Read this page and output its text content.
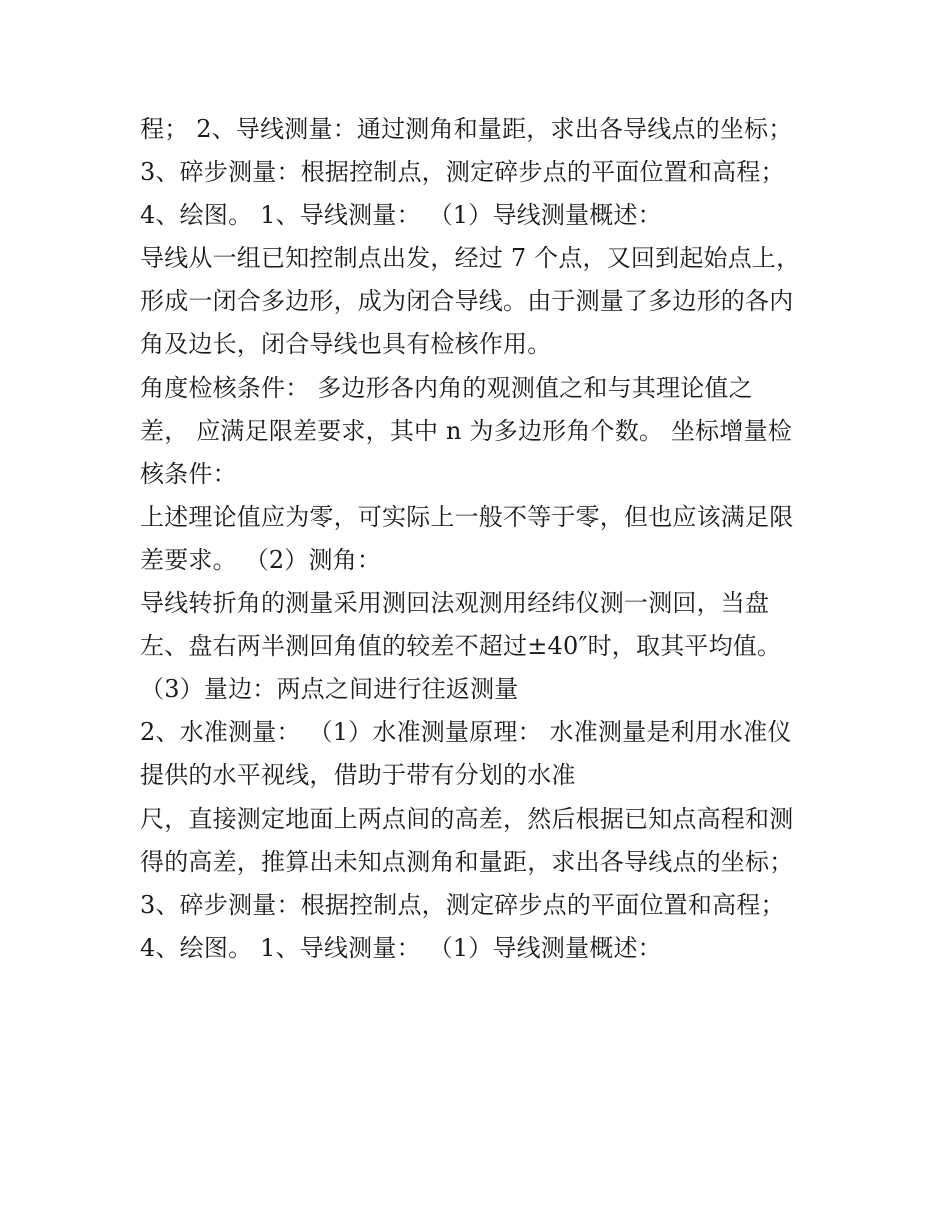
程； 2、导线测量：通过测角和量距，求出各导线点的坐标；
3、碎步测量：根据控制点，测定碎步点的平面位置和高程；
4、绘图。 1、导线测量： （1）导线测量概述：
导线从一组已知控制点出发，经过 7 个点，又回到起始点上，
形成一闭合多边形，成为闭合导线。由于测量了多边形的各内
角及边长，闭合导线也具有检核作用。
角度检核条件： 多边形各内角的观测值之和与其理论值之
差， 应满足限差要求，其中 n 为多边形角个数。 坐标增量检
核条件：
上述理论值应为零，可实际上一般不等于零，但也应该满足限
差要求。 （2）测角：
导线转折角的测量采用测回法观测用经纬仪测一测回，当盘
左、盘右两半测回角值的较差不超过±40″时，取其平均值。
（3）量边：两点之间进行往返测量
2、水准测量： （1）水准测量原理： 水准测量是利用水准仪
提供的水平视线，借助于带有分划的水准
尺，直接测定地面上两点间的高差，然后根据已知点高程和测
得的高差，推算出未知点测角和量距，求出各导线点的坐标；
3、碎步测量：根据控制点，测定碎步点的平面位置和高程；
4、绘图。 1、导线测量： （1）导线测量概述：
